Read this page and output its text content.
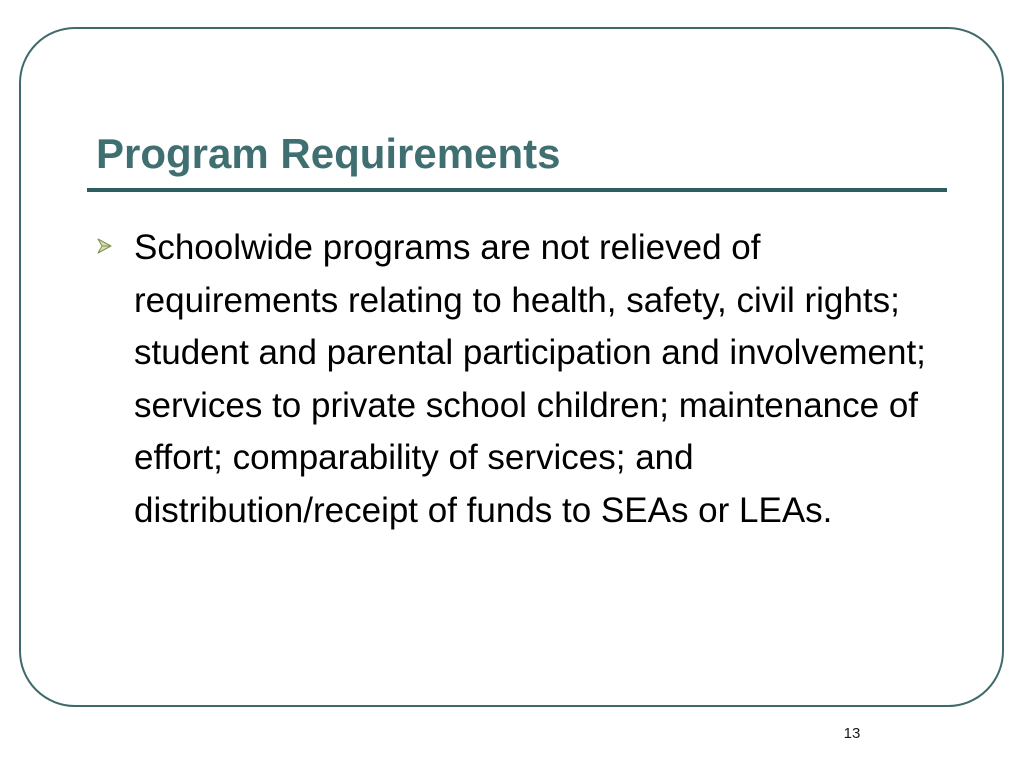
Program Requirements
Schoolwide programs are not relieved of requirements relating to health, safety, civil rights; student and parental participation and involvement; services to private school children; maintenance of effort; comparability of services; and distribution/receipt of funds to SEAs or LEAs.
13
